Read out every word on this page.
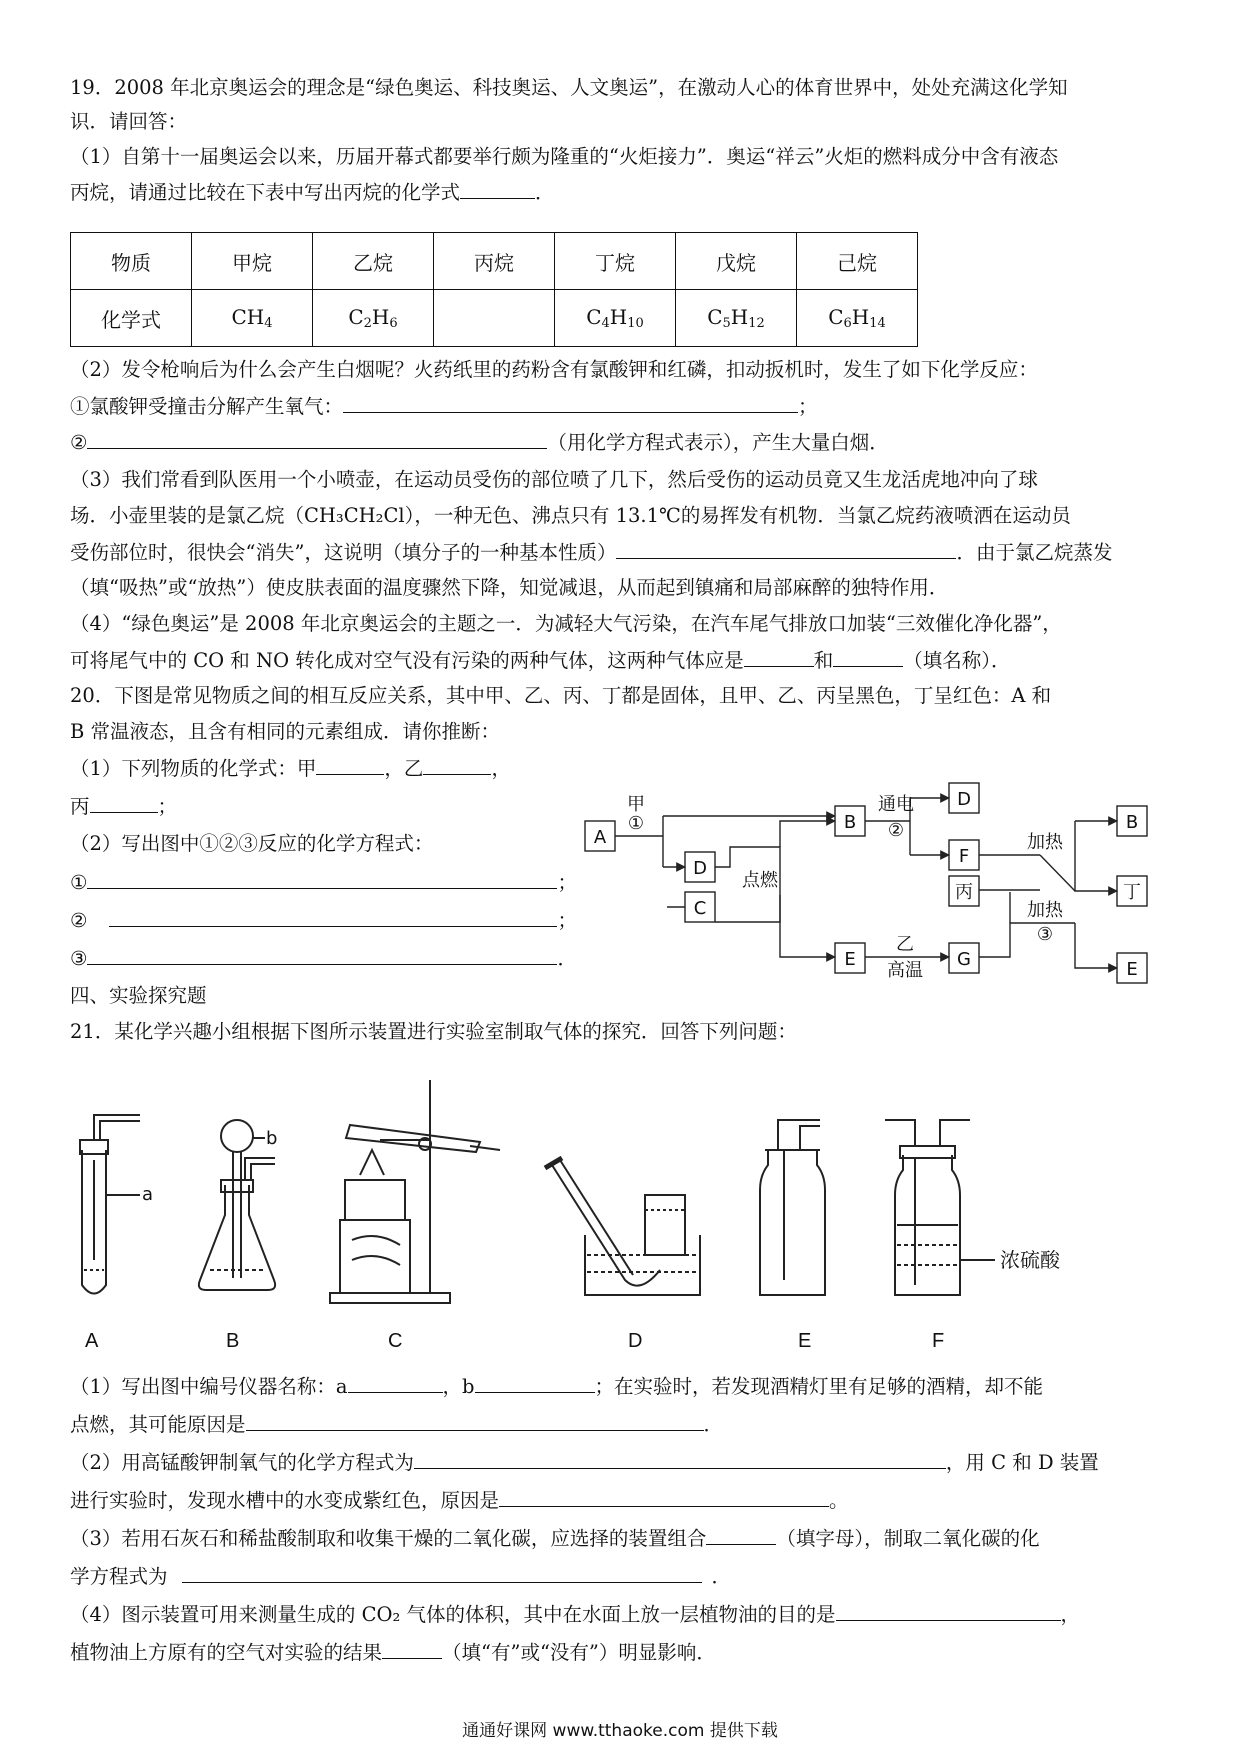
19．2008 年北京奥运会的理念是“绿色奥运、科技奥运、人文奥运”，在激动人心的体育世界中，处处充满这化学知
识．请回答：
（1）自第十一届奥运会以来，历届开幕式都要举行颇为隆重的“火炬接力”．奥运“祥云”火炬的燃料成分中含有液态
丙烷，请通过比较在下表中写出丙烷的化学式	．
物质	甲烷	乙烷	丙烷	丁烷	戊烷	己烷
化学式	$CH_4$	$C_2H_6$		$C_4H_{10}$	$C_5H_{12}$	$C_6H_{14}$
（2）发令枪响后为什么会产生白烟呢？火药纸里的药粉含有氯酸钾和红磷，扣动扳机时，发生了如下化学反应：
①氯酸钾受撞击分解产生氧气：	；
②	（用化学方程式表示），产生大量白烟．
（3）我们常看到队医用一个小喷壶，在运动员受伤的部位喷了几下，然后受伤的运动员竟又生龙活虎地冲向了球
场．小壶里装的是氯乙烷（CH₃CH₂Cl），一种无色、沸点只有 13.1℃的易挥发有机物．当氯乙烷药液喷洒在运动员
受伤部位时，很快会“消失”，这说明（填分子的一种基本性质）	．由于氯乙烷蒸发
（填“吸热”或“放热”）使皮肤表面的温度骤然下降，知觉减退，从而起到镇痛和局部麻醉的独特作用．
（4）“绿色奥运”是 2008 年北京奥运会的主题之一．为减轻大气污染，在汽车尾气排放口加装“三效催化净化器”，
可将尾气中的 CO 和 NO 转化成对空气没有污染的两种气体，这两种气体应是	和	（填名称）．
20．下图是常见物质之间的相互反应关系，其中甲、乙、丙、丁都是固体，且甲、乙、丙呈黑色，丁呈红色：A 和
B 常温液态，且含有相同的元素组成．请你推断：
（1）下列物质的化学式：甲	，乙	，
丙	；
（2）写出图中①②③反应的化学方程式：
①	；
②	；
③	．
A
B
D
F
丙
D
C
E	G
B
丁
E
甲
①
点燃
通电
②
乙
高温
加热
加热
③
四、实验探究题
21．某化学兴趣小组根据下图所示装置进行实验室制取气体的探究．回答下列问题：
a
b
浓硫酸
A	B	C	D	E	F
（1）写出图中编号仪器名称：a	，b	；在实验时，若发现酒精灯里有足够的酒精，却不能
点燃，其可能原因是	．
（2）用高锰酸钾制氧气的化学方程式为	，用 C 和 D 装置
进行实验时，发现水槽中的水变成紫红色，原因是	。
（3）若用石灰石和稀盐酸制取和收集干燥的二氧化碳，应选择的装置组合	（填字母），制取二氧化碳的化
学方程式为	．
（4）图示装置可用来测量生成的 CO₂ 气体的体积，其中在水面上放一层植物油的目的是	，
植物油上方原有的空气对实验的结果	（填“有”或“没有”）明显影响．
通通好课网 www.tthaoke.com 提供下载
